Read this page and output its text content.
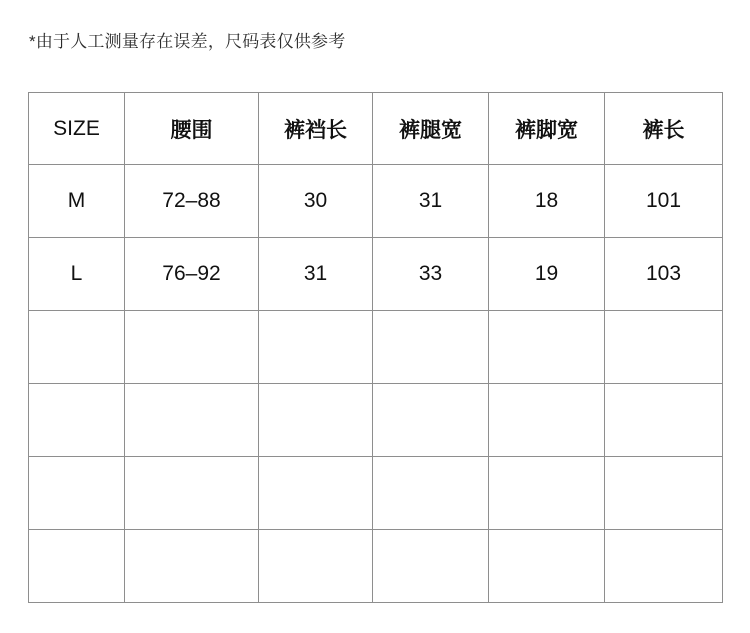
*由于人工测量存在误差，尺码表仅供参考
SIZE	腰围	裤裆长	裤腿宽	裤脚宽	裤长
M	72–88	30	31	18	101
L	76–92	31	33	19	103
